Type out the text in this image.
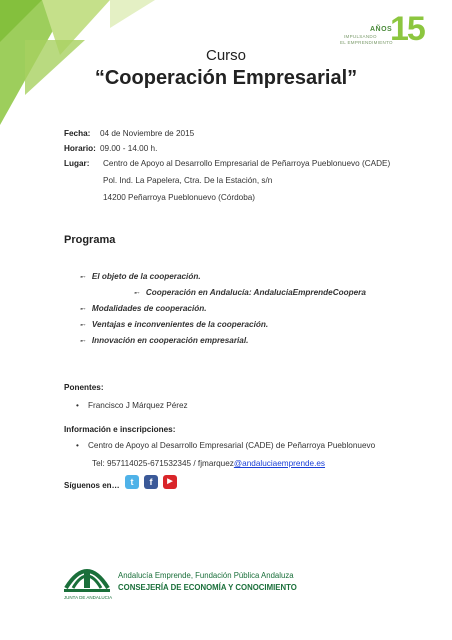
AÑOS
IMPULSANDO
EL EMPRENDIMIENTO
15
Curso
“Cooperación Empresarial”
Fecha:	04 de Noviembre de 2015
Horario: 09.00 - 14.00 h.
Lugar:	Centro de Apoyo al Desarrollo Empresarial de Peñarroya Pueblonuevo (CADE)
Pol. Ind. La Papelera, Ctra. De la Estación, s/n
14200 Peñarroya Pueblonuevo (Córdoba)
Programa
➸ El objeto de la cooperación.
➸ Cooperación en Andalucía: AndaluciaEmprendeCoopera
➸ Modalidades de cooperación.
➸ Ventajas e inconvenientes de la cooperación.
➸ Innovación en cooperación empresarial.
Ponentes:
• Francisco J Márquez Pérez
Información e inscripciones:
• Centro de Apoyo al Desarrollo Empresarial (CADE) de Peñarroya Pueblonuevo
Tel: 957114025-671532345 / fjmarquez@andaluciaemprende.es
Síguenos en…	t	f	▶
JUNTA DE ANDALUCIA
Andalucía Emprende, Fundación Pública Andaluza
CONSEJERÍA DE ECONOMÍA Y CONOCIMIENTO
